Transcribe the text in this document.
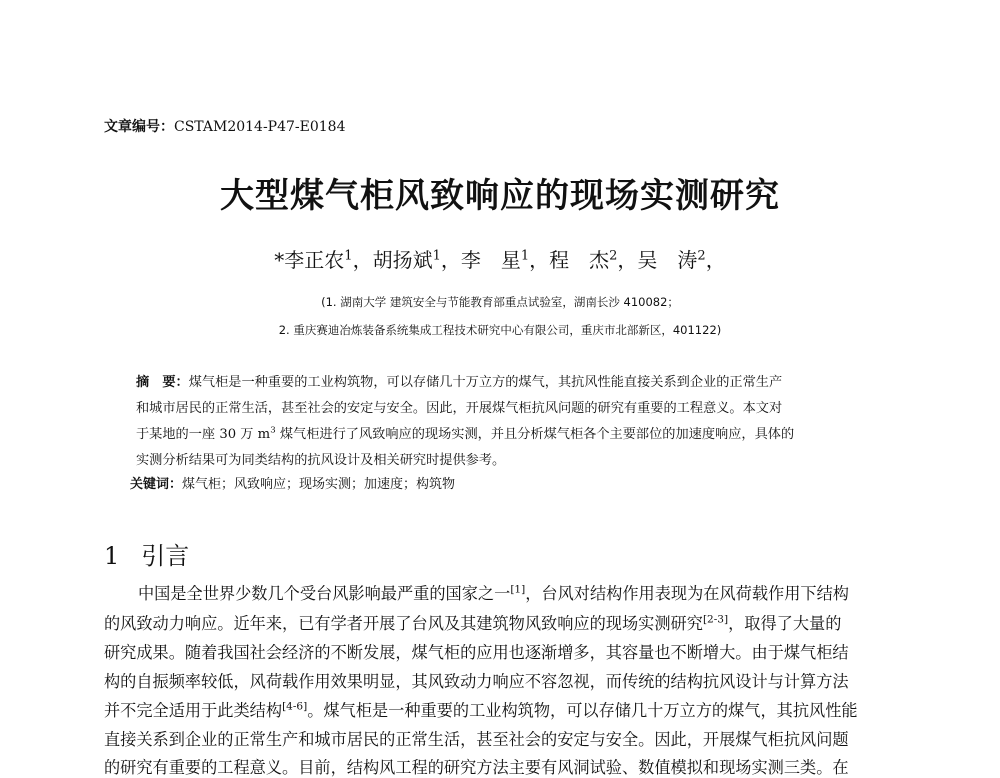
文章编号：CSTAM2014-P47-E0184
大型煤气柜风致响应的现场实测研究
*李正农$^1$，胡扬斌$^1$，李　星$^1$，程　杰$^2$，吴　涛$^2$，
(1. 湖南大学 建筑安全与节能教育部重点试验室，湖南长沙 410082；
2. 重庆赛迪冶炼装备系统集成工程技术研究中心有限公司，重庆市北部新区，401122)
摘　要：煤气柜是一种重要的工业构筑物，可以存储几十万立方的煤气，其抗风性能直接关系到企业的正常生产
和城市居民的正常生活，甚至社会的安定与安全。因此，开展煤气柜抗风问题的研究有重要的工程意义。本文对
于某地的一座 30 万 $m^3$ 煤气柜进行了风致响应的现场实测，并且分析煤气柜各个主要部位的加速度响应，具体的
实测分析结果可为同类结构的抗风设计及相关研究时提供参考。
关键词：煤气柜；风致响应；现场实测；加速度；构筑物
1 引言
中国是全世界少数几个受台风影响最严重的国家之一[1]，台风对结构作用表现为在风荷载作用下结构
的风致动力响应。近年来，已有学者开展了台风及其建筑物风致响应的现场实测研究[2-3]，取得了大量的
研究成果。随着我国社会经济的不断发展，煤气柜的应用也逐渐增多，其容量也不断增大。由于煤气柜结
构的自振频率较低，风荷载作用效果明显，其风致动力响应不容忽视，而传统的结构抗风设计与计算方法
并不完全适用于此类结构[4-6]。煤气柜是一种重要的工业构筑物，可以存储几十万立方的煤气，其抗风性能
直接关系到企业的正常生产和城市居民的正常生活，甚至社会的安定与安全。因此，开展煤气柜抗风问题
的研究有重要的工程意义。目前，结构风工程的研究方法主要有风洞试验、数值模拟和现场实测三类。在
